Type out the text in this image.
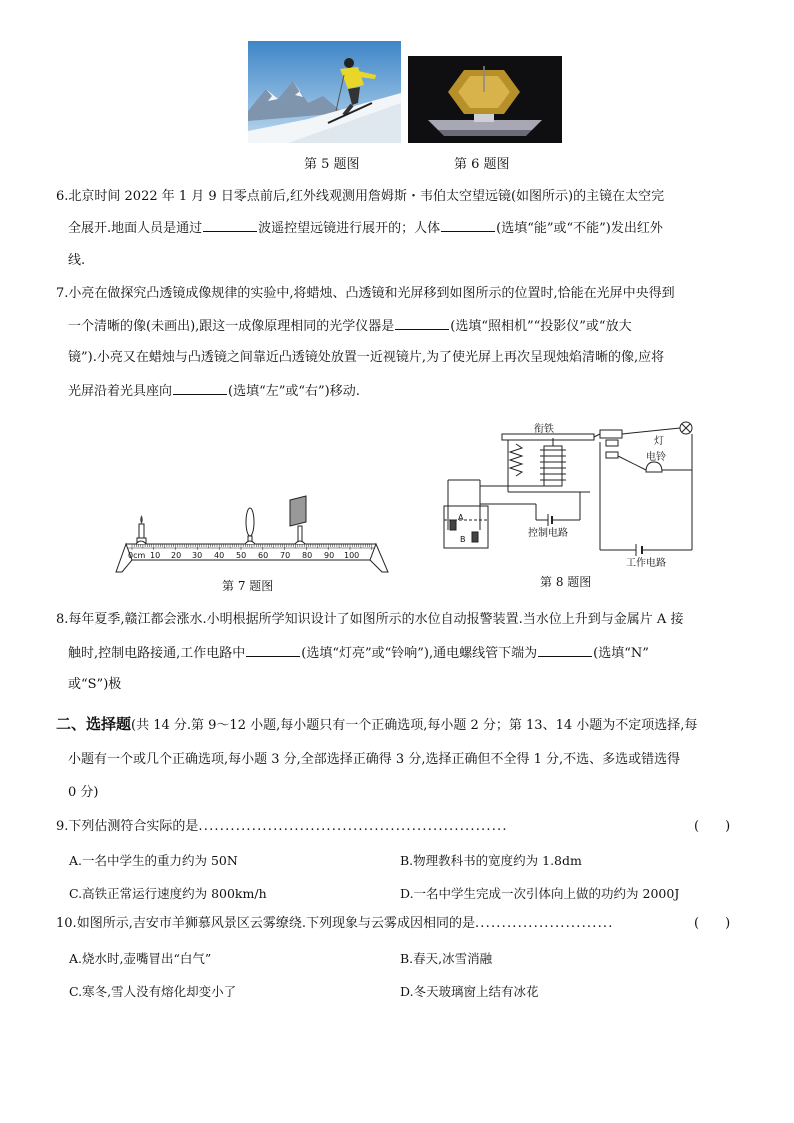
第 5 题图	第 6 题图
6.北京时间 2022 年 1 月 9 日零点前后,红外线观测用詹姆斯・韦伯太空望远镜(如图所示)的主镜在太空完
全展开.地面人员是通过	波遥控望远镜进行展开的；人体	(选填“能”或“不能”)发出红外
线.
7.小亮在做探究凸透镜成像规律的实验中,将蜡烛、凸透镜和光屏移到如图所示的位置时,恰能在光屏中央得到
一个清晰的像(未画出),跟这一成像原理相同的光学仪器是	(选填“照相机”“投影仪”或“放大
镜”).小亮又在蜡烛与凸透镜之间靠近凸透镜处放置一近视镜片,为了使光屏上再次呈现烛焰清晰的像,应将
光屏沿着光具座向	(选填“左”或“右”)移动.
0cm 10 20 30 40 50 60 70 80 90 100
第 7 题图
衔铁
灯
电铃
控制电路
工作电路
A
B
第 8 题图
8.每年夏季,赣江都会涨水.小明根据所学知识设计了如图所示的水位自动报警装置.当水位上升到与金属片 A 接
触时,控制电路接通,工作电路中	(选填“灯亮”或“铃响”),通电螺线管下端为	(选填“N”
或“S”)极
二、选择题(共 14 分.第 9～12 小题,每小题只有一个正确选项,每小题 2 分；第 13、14 小题为不定项选择,每
小题有一个或几个正确选项,每小题 3 分,全部选择正确得 3 分,选择正确但不全得 1 分,不选、多选或错选得
0 分)
9.下列估测符合实际的是..........................................................	(　　)
A.一名中学生的重力约为 50N	B.物理教科书的宽度约为 1.8dm
C.高铁正常运行速度约为 800km/h	D.一名中学生完成一次引体向上做的功约为 2000J
10.如图所示,吉安市羊狮慕风景区云雾缭绕.下列现象与云雾成因相同的是..........................	(　　)
A.烧水时,壶嘴冒出“白气”	B.春天,冰雪消融
C.寒冬,雪人没有熔化却变小了	D.冬天玻璃窗上结有冰花
